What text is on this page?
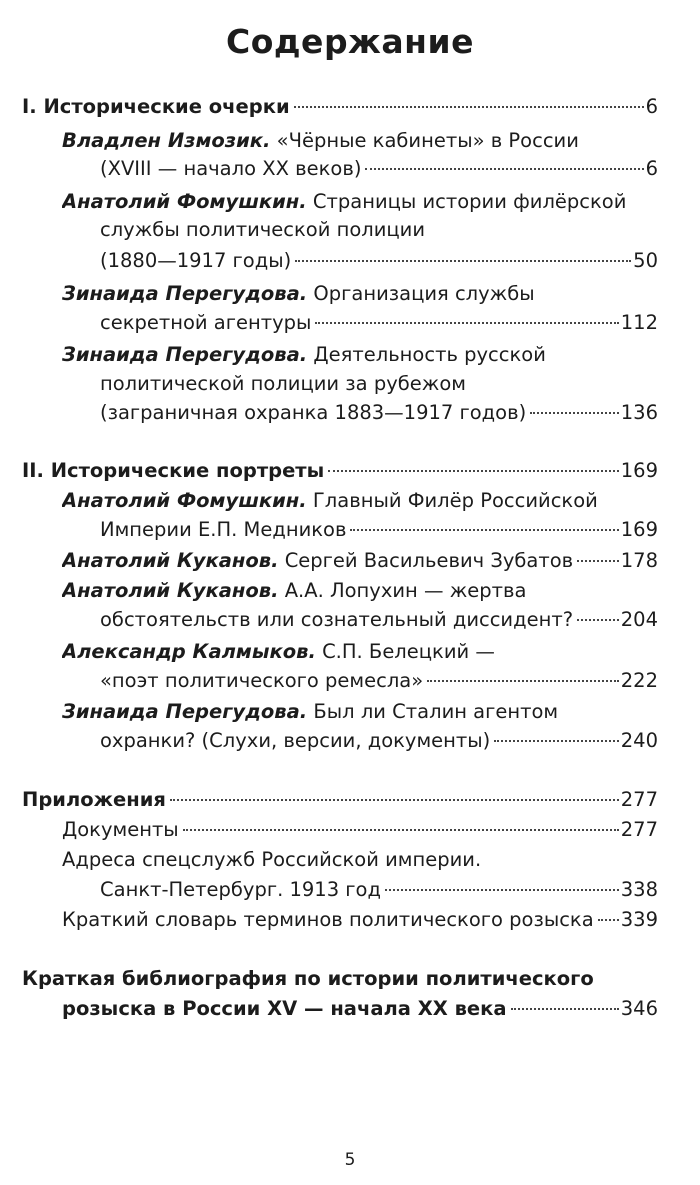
Содержание
I. Исторические очерки	6
Владлен Измозик. «Чёрные кабинеты» в России
(XVIII — начало XX веков)	6
Анатолий Фомушкин. Страницы истории филёрской
службы политической полиции
(1880—1917 годы)	50
Зинаида Перегудова. Организация службы
секретной агентуры	112
Зинаида Перегудова. Деятельность русской
политической полиции за рубежом
(заграничная охранка 1883—1917 годов)	136
II. Исторические портреты	169
Анатолий Фомушкин. Главный Филёр Российской
Империи Е.П. Медников	169
Анатолий Куканов. Сергей Васильевич Зубатов 178
Анатолий Куканов. А.А. Лопухин — жертва
обстоятельств или сознательный диссидент? 204
Александр Калмыков. С.П. Белецкий —
«поэт политического ремесла»	222
Зинаида Перегудова. Был ли Сталин агентом
охранки? (Слухи, версии, документы)	240
Приложения	277
Документы	277
Адреса спецслужб Российской империи.
Санкт-Петербург. 1913 год	338
Краткий словарь терминов политического розыска 339
Краткая библиография по истории политического
розыска в России XV — начала XX века	346
5
